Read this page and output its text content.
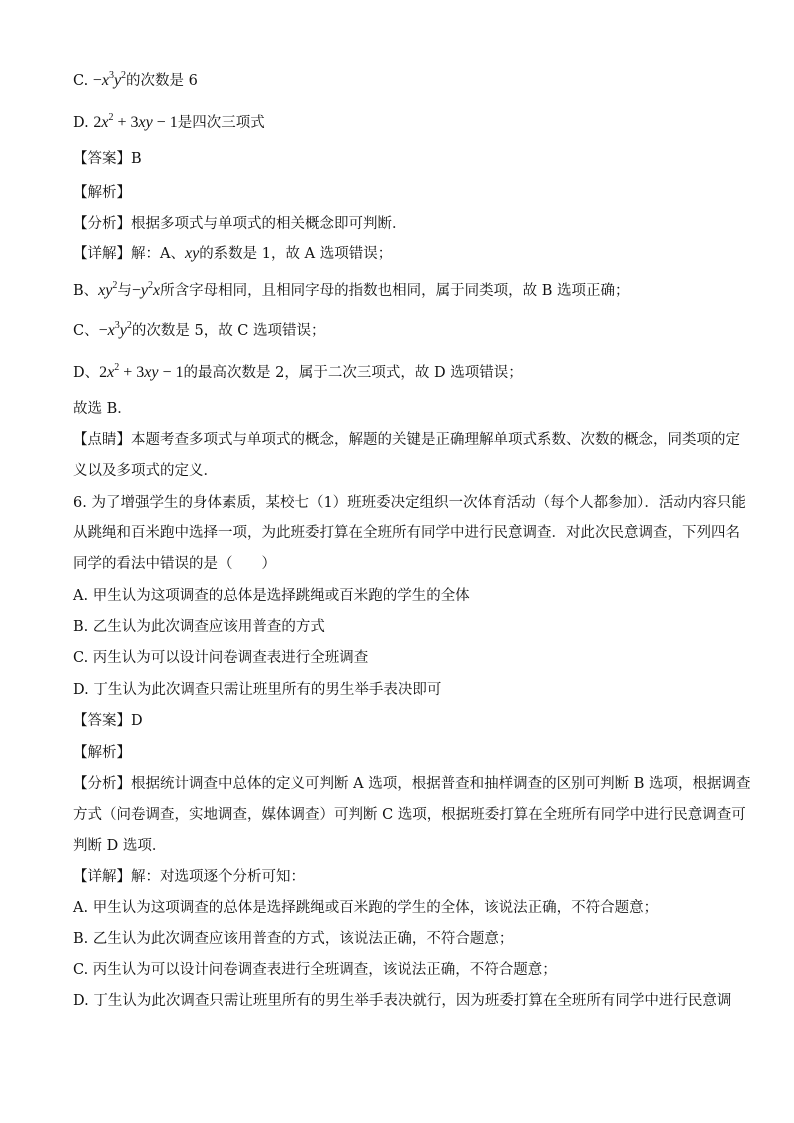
C. $-x^3y^2$的次数是 6
D. $2x^2 + 3xy - 1$是四次三项式
【答案】B
【解析】
【分析】根据多项式与单项式的相关概念即可判断．
【详解】解：A、xy的系数是 1，故 A 选项错误；
B、$xy^2$与$-y^2x$所含字母相同，且相同字母的指数也相同，属于同类项，故 B 选项正确；
C、$-x^3y^2$的次数是 5，故 C 选项错误；
D、$2x^2 + 3xy - 1$的最高次数是 2，属于二次三项式，故 D 选项错误；
故选 B．
【点睛】本题考查多项式与单项式的概念，解题的关键是正确理解单项式系数、次数的概念，同类项的定
义以及多项式的定义．
6. 为了增强学生的身体素质，某校七（1）班班委决定组织一次体育活动（每个人都参加）．活动内容只能
从跳绳和百米跑中选择一项，为此班委打算在全班所有同学中进行民意调查．对此次民意调查，下列四名
同学的看法中错误的是（　　）
A. 甲生认为这项调查的总体是选择跳绳或百米跑的学生的全体
B. 乙生认为此次调查应该用普查的方式
C. 丙生认为可以设计问卷调查表进行全班调查
D. 丁生认为此次调查只需让班里所有的男生举手表决即可
【答案】D
【解析】
【分析】根据统计调查中总体的定义可判断 A 选项，根据普查和抽样调查的区别可判断 B 选项，根据调查
方式（问卷调查，实地调查，媒体调查）可判断 C 选项，根据班委打算在全班所有同学中进行民意调查可
判断 D 选项．
【详解】解：对选项逐个分析可知：
A. 甲生认为这项调查的总体是选择跳绳或百米跑的学生的全体，该说法正确，不符合题意；
B. 乙生认为此次调查应该用普查的方式，该说法正确，不符合题意；
C. 丙生认为可以设计问卷调查表进行全班调查，该说法正确，不符合题意；
D. 丁生认为此次调查只需让班里所有的男生举手表决就行，因为班委打算在全班所有同学中进行民意调
